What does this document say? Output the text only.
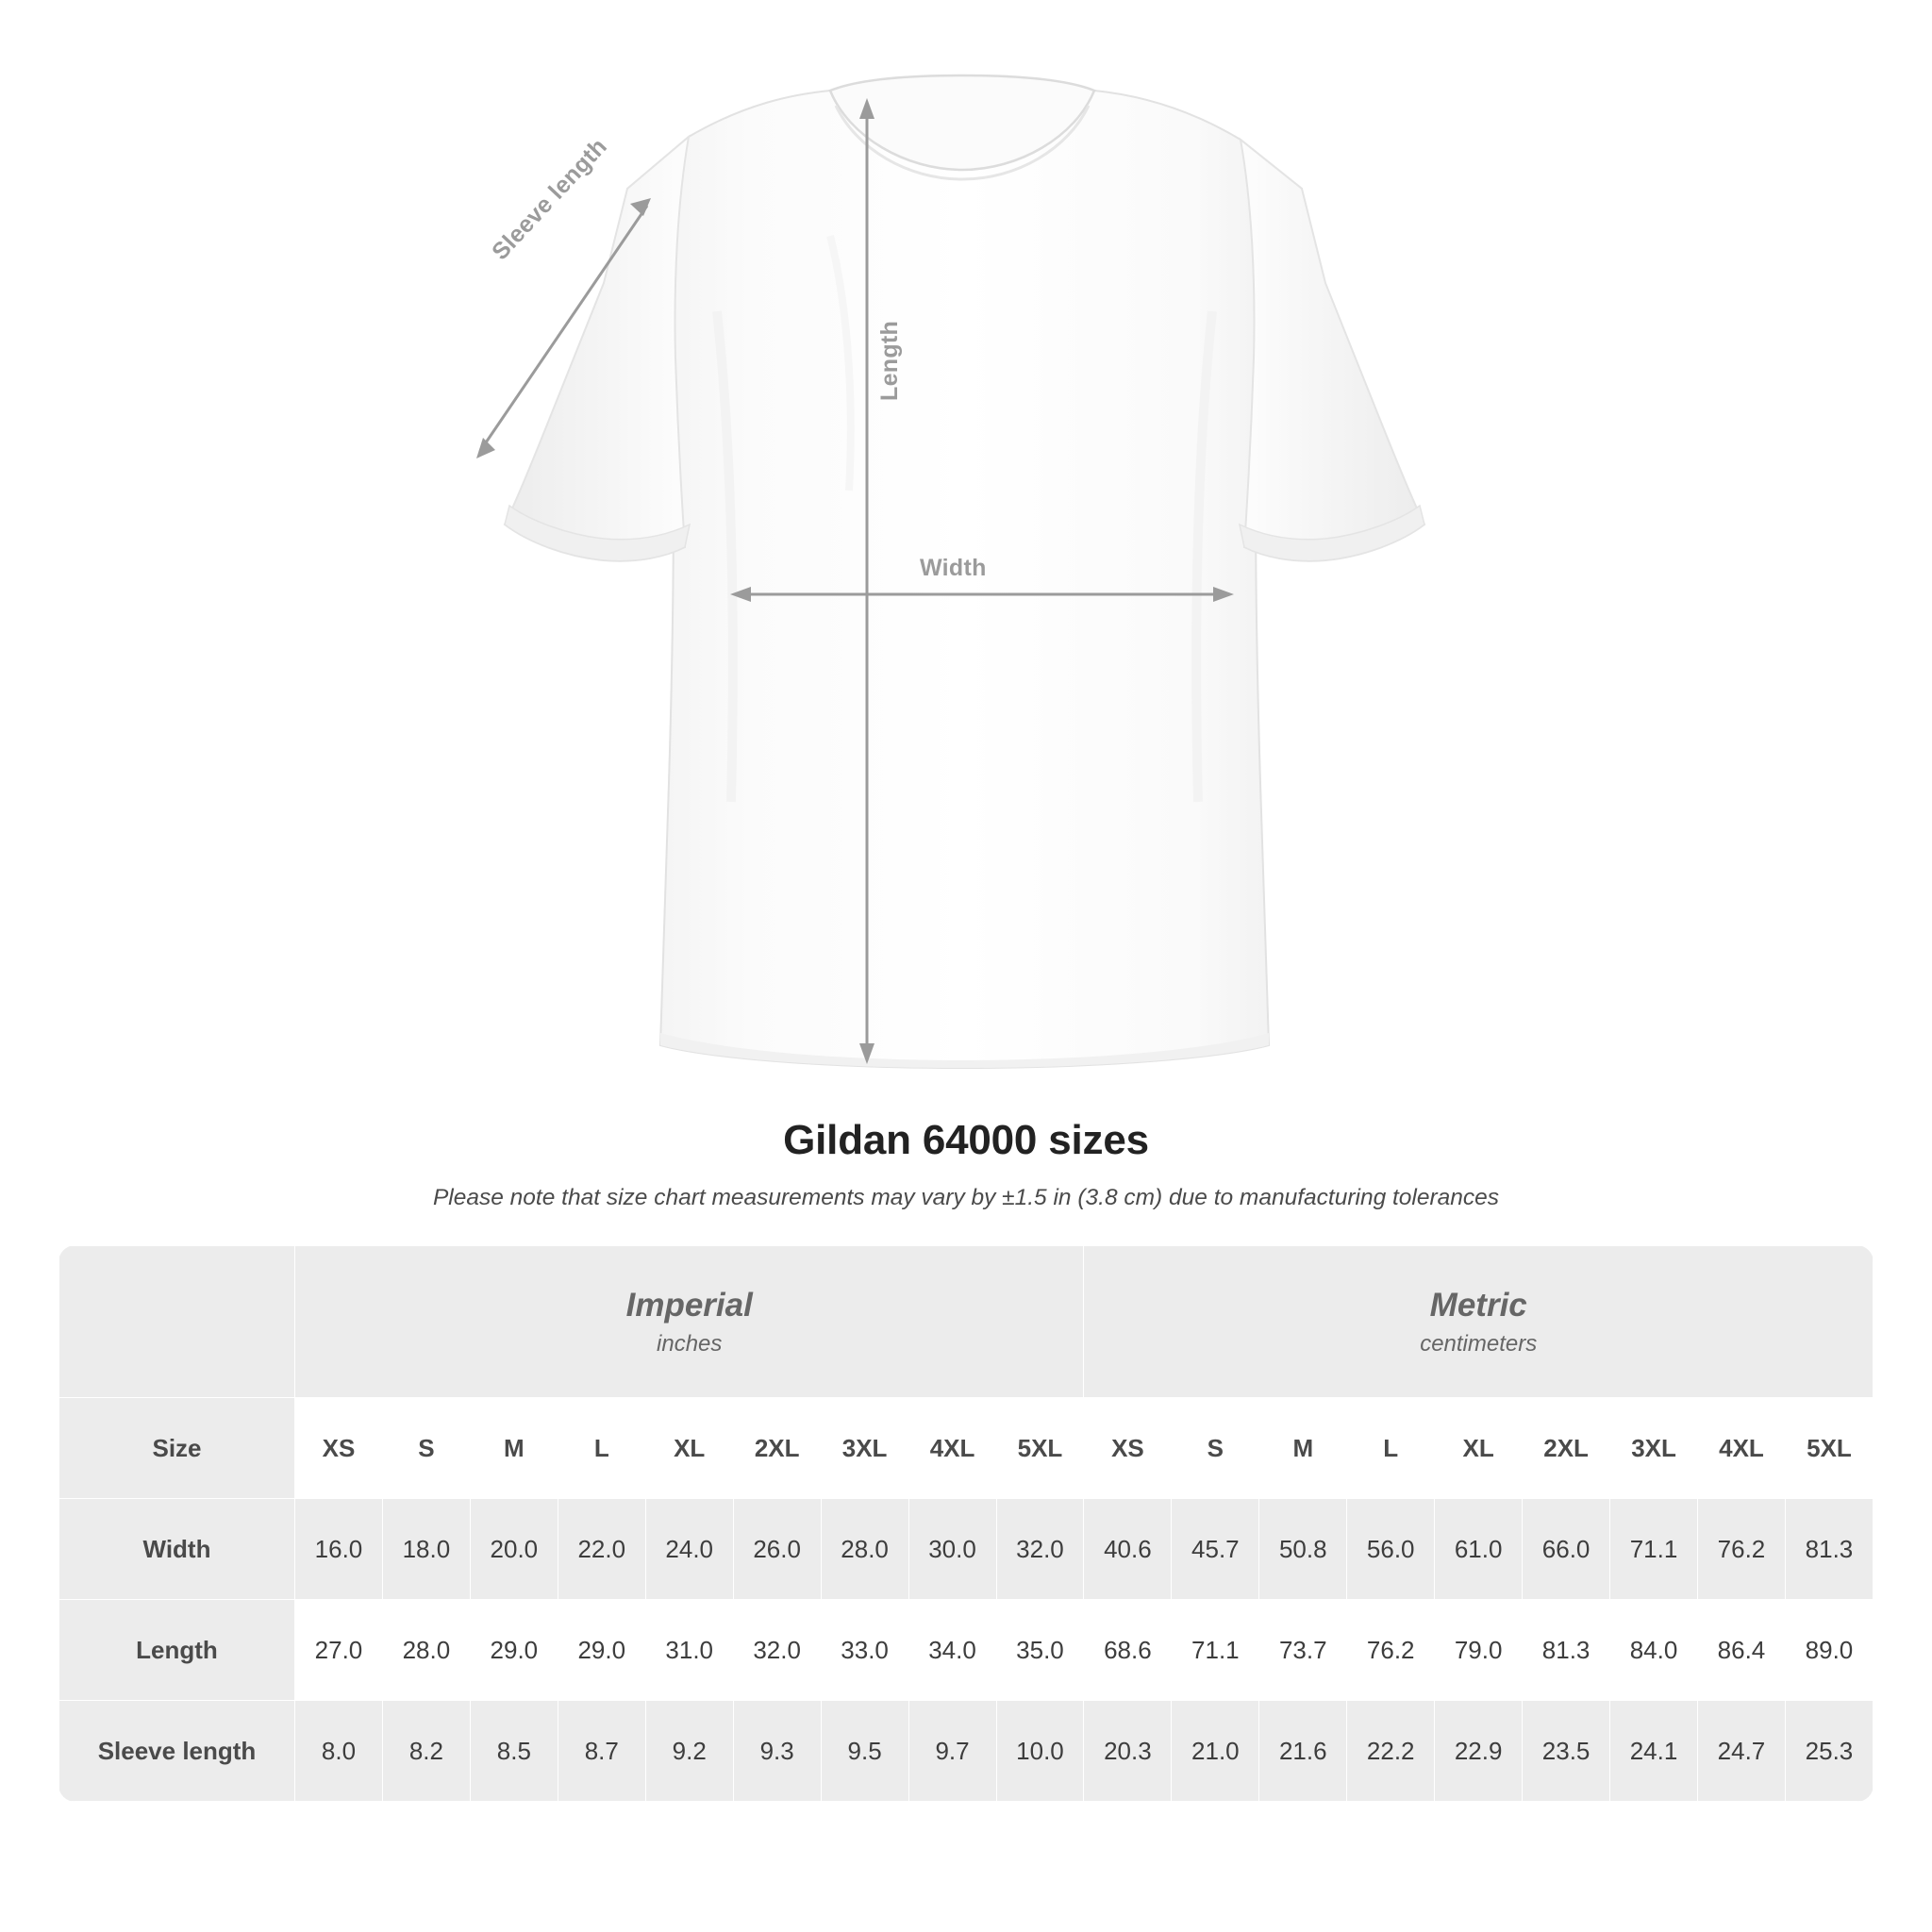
Length
Width
Sleeve length
Gildan 64000 sizes

Please note that size chart measurements may vary by ±1.5 in (3.8 cm) due to manufacturing tolerances

Imperial
inches

Metric
centimeters

Size	XS	S	M	L	XL	2XL	3XL	4XL	5XL	XS	S	M	L	XL	2XL	3XL	4XL	5XL
Width	16.0	18.0	20.0	22.0	24.0	26.0	28.0	30.0	32.0	40.6	45.7	50.8	56.0	61.0	66.0	71.1	76.2	81.3
Length	27.0	28.0	29.0	29.0	31.0	32.0	33.0	34.0	35.0	68.6	71.1	73.7	76.2	79.0	81.3	84.0	86.4	89.0
Sleeve length	8.0	8.2	8.5	8.7	9.2	9.3	9.5	9.7	10.0	20.3	21.0	21.6	22.2	22.9	23.5	24.1	24.7	25.3
